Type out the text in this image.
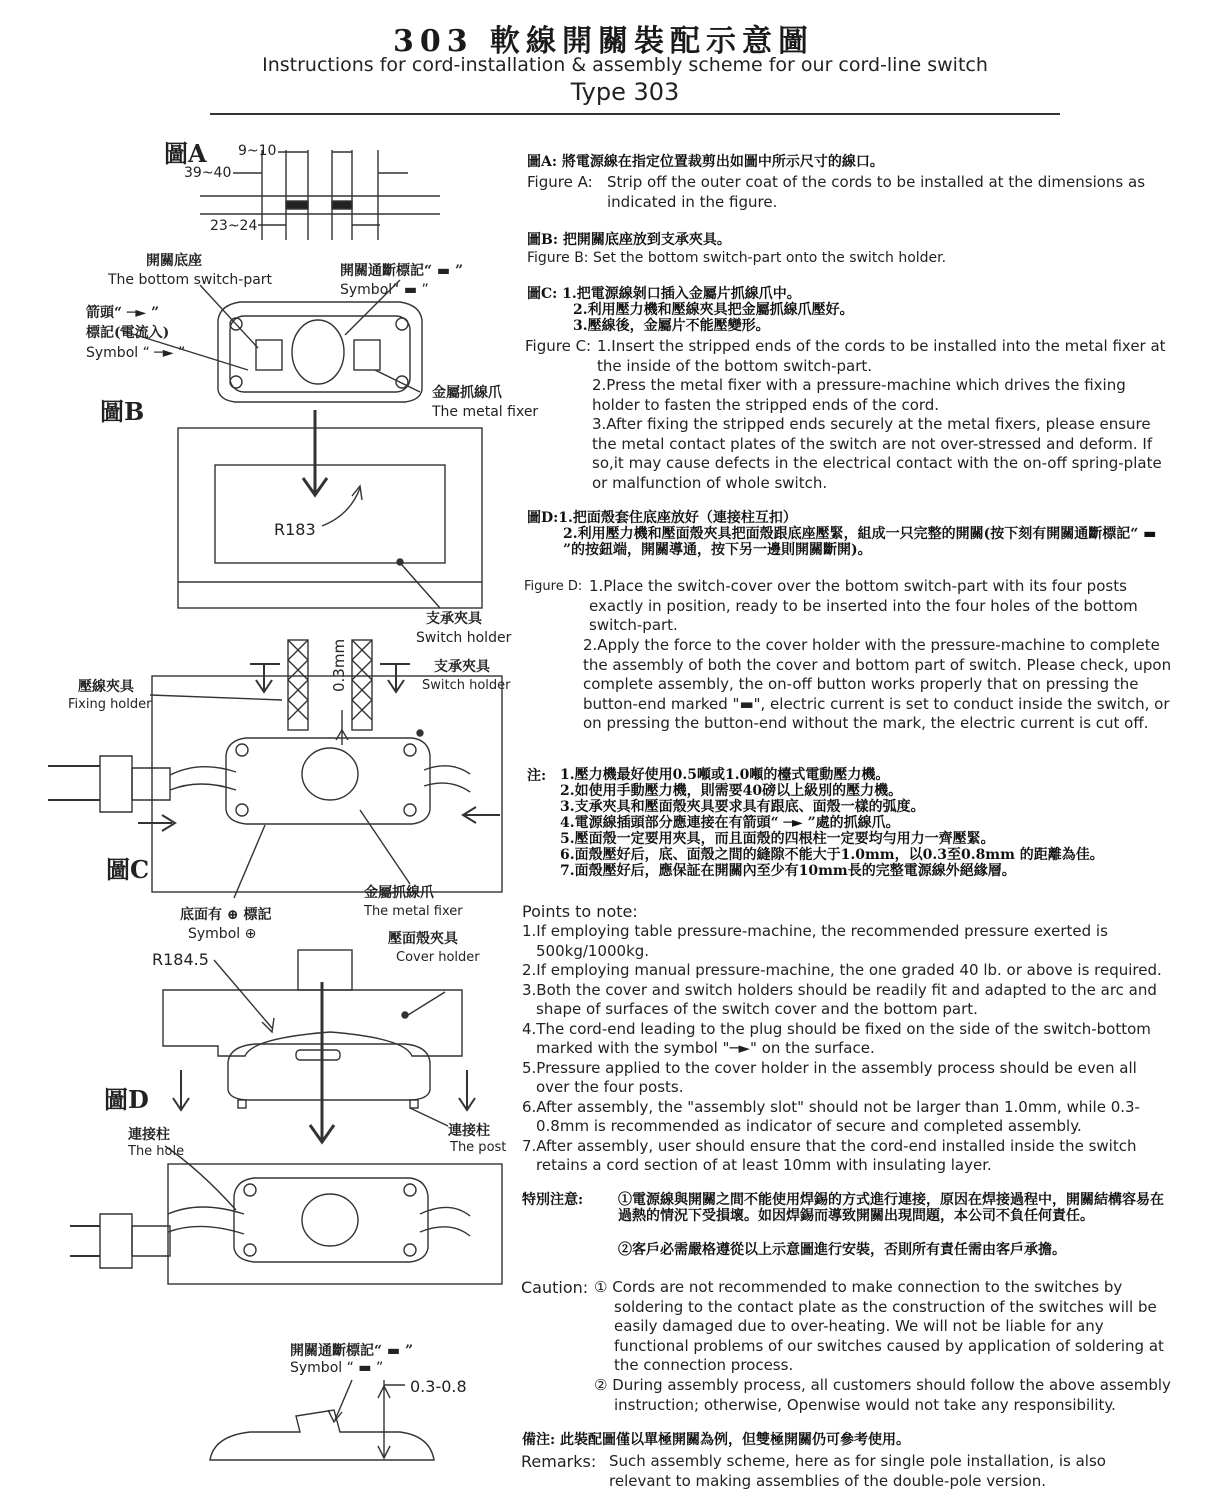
303 軟線開關裝配示意圖
Instructions for cord-installation & assembly scheme for our cord-line switch
Type 303
圖A 9~10
39~40
23~24
開關底座
The bottom switch-part
開關通斷標記“ ▬ ”
Symbol“ ▬ ”
箭頭“ ─► ”
標記(電流入)
Symbol “ ─► ”
金屬抓線爪
The metal fixer
圖B
R183
支承夾具
Switch holder
0.3mm	支承夾具
Switch holder
壓線夾具
Fixing holder
圖C
底面有 ⊕ 標記
Symbol ⊕
金屬抓線爪
The metal fixer
壓面殼夾具
Cover holder
R184.5
圖D
連接柱
The hole
連接柱
The post
開關通斷標記“ ▬ ”
Symbol “ ▬ ”
0.3-0.8
圖A: 將電源線在指定位置裁剪出如圖中所示尺寸的線口。
Figure A: Strip off the outer coat of the cords to be installed at the dimensions as indicated in the figure.
圖B: 把開關底座放到支承夾具。
Figure B: Set the bottom switch-part onto the switch holder.
圖C: 1.把電源線剝口插入金屬片抓線爪中。
2.利用壓力機和壓線夾具把金屬抓線爪壓好。
3.壓線後，金屬片不能壓變形。
Figure C: 1.Insert the stripped ends of the cords to be installed into the metal fixer at the inside of the bottom switch-part.
2.Press the metal fixer with a pressure-machine which drives the fixing holder to fasten the stripped ends of the cord.
3.After fixing the stripped ends securely at the metal fixers, please ensure the metal contact plates of the switch are not over-stressed and deform. If so,it may cause defects in the electrical contact with the on-off spring-plate or malfunction of whole switch.
圖D:1.把面殼套住底座放好（連接柱互扣）
2.利用壓力機和壓面殼夾具把面殼跟底座壓緊，組成一只完整的開關(按下刻有開關通斷標記“ ▬ ”的按鈕端，開關導通，按下另一邊則開關斷開)。
Figure D: 1.Place the switch-cover over the bottom switch-part with its four posts exactly in position, ready to be inserted into the four holes of the bottom switch-part.
2.Apply the force to the cover holder with the pressure-machine to complete the assembly of both the cover and bottom part of switch. Please check, upon complete assembly, the on-off button works properly that on pressing the button-end marked "▬", electric current is set to conduct inside the switch, or on pressing the button-end without the mark, the electric current is cut off.
注: 1.壓力機最好使用0.5噸或1.0噸的檯式電動壓力機。
2.如使用手動壓力機，則需要40磅以上級別的壓力機。
3.支承夾具和壓面殼夾具要求具有跟底、面殼一樣的弧度。
4.電源線插頭部分應連接在有箭頭“ ─► ”處的抓線爪。
5.壓面殼一定要用夾具，而且面殼的四根柱一定要均勻用力一齊壓緊。
6.面殼壓好后，底、面殼之間的縫隙不能大于1.0mm，以0.3至0.8mm 的距離為佳。
7.面殼壓好后，應保証在開關內至少有10mm長的完整電源線外絕緣層。
Points to note:
1.If employing table pressure-machine, the recommended pressure exerted is 500kg/1000kg.
2.If employing manual pressure-machine, the one graded 40 lb. or above is required.
3.Both the cover and switch holders should be readily fit and adapted to the arc and shape of surfaces of the switch cover and the bottom part.
4.The cord-end leading to the plug should be fixed on the side of the switch-bottom marked with the symbol "─►" on the surface.
5.Pressure applied to the cover holder in the assembly process should be even all over the four posts.
6.After assembly, the "assembly slot" should not be larger than 1.0mm, while 0.3-0.8mm is recommended as indicator of secure and completed assembly.
7.After assembly, user should ensure that the cord-end installed inside the switch retains a cord section of at least 10mm with insulating layer.
特別注意: ①電源線與開關之間不能使用焊錫的方式進行連接，原因在焊接過程中，開關結構容易在過熱的情況下受損壞。如因焊錫而導致開關出現問題，本公司不負任何責任。
②客戶必需嚴格遵從以上示意圖進行安裝，否則所有責任需由客戶承擔。
Caution: ① Cords are not recommended to make connection to the switches by soldering to the contact plate as the construction of the switches will be easily damaged due to over-heating. We will not be liable for any functional problems of our switches caused by application of soldering at the connection process.
② During assembly process, all customers should follow the above assembly instruction; otherwise, Openwise would not take any responsibility.
備注: 此裝配圖僅以單極開關為例，但雙極開關仍可參考使用。
Remarks: Such assembly scheme, here as for single pole installation, is also relevant to making assemblies of the double-pole version.
